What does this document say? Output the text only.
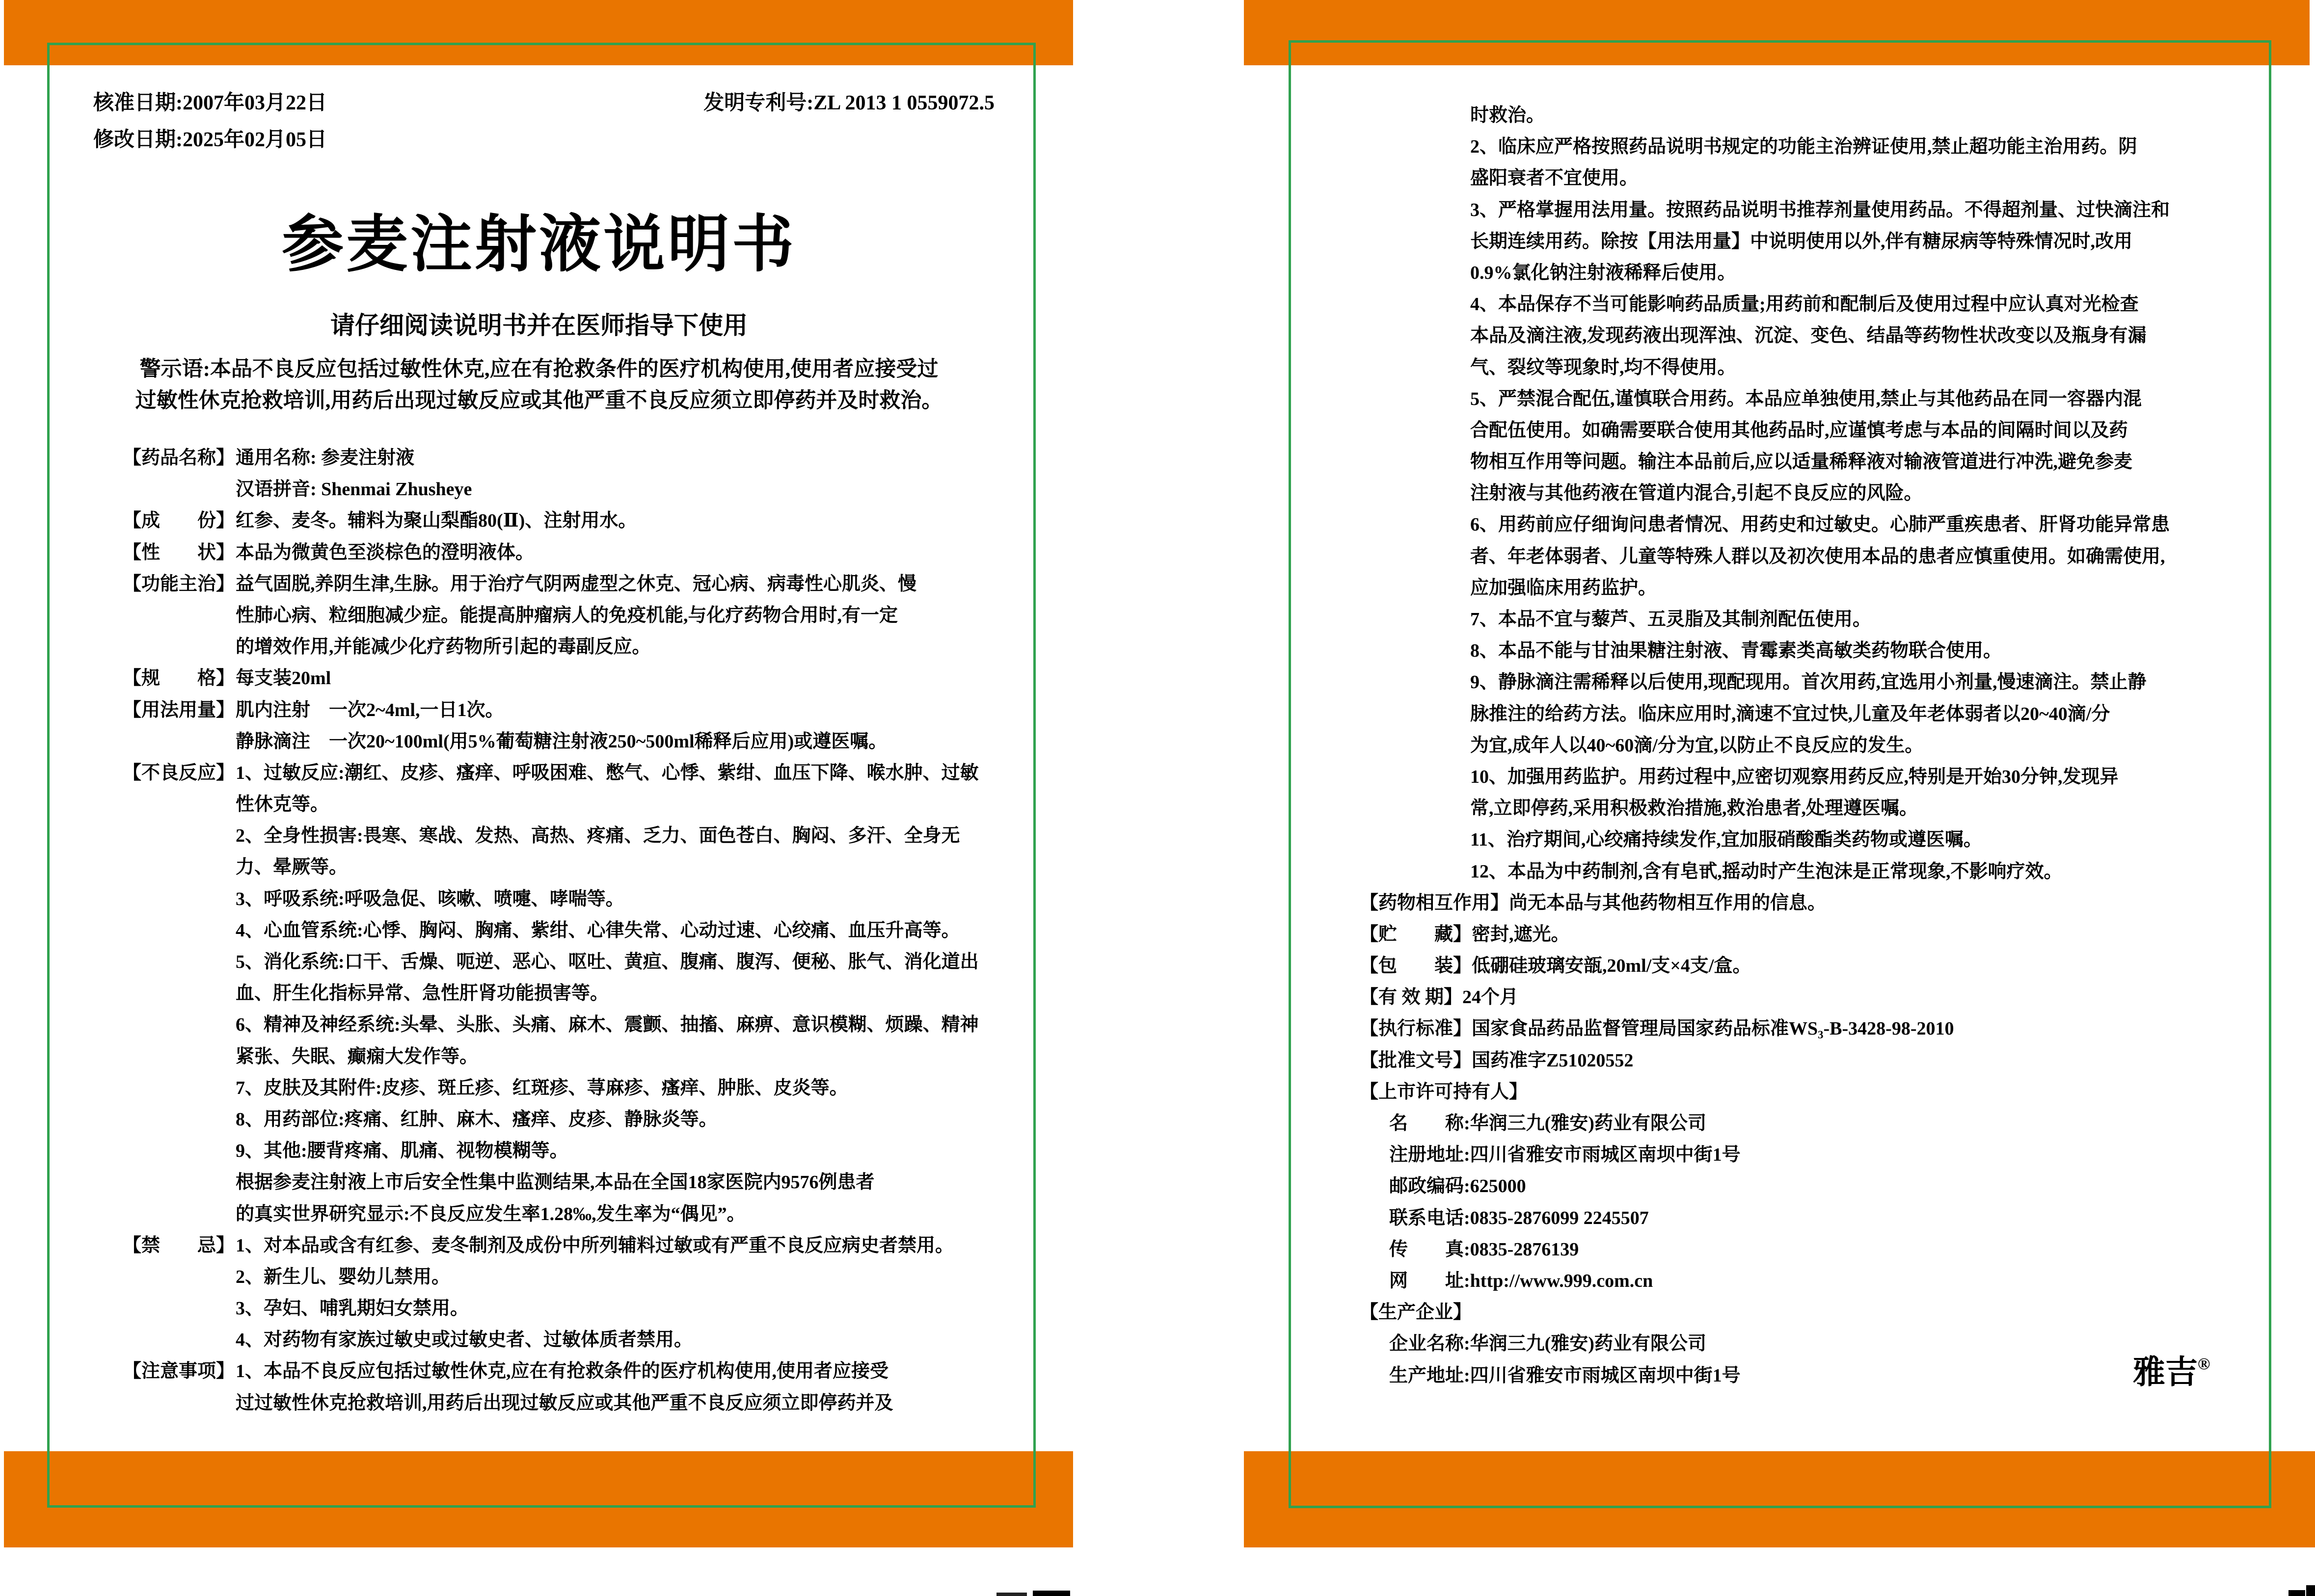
核准日期:2007年03月22日
修改日期:2025年02月05日
发明专利号:ZL 2013 1 0559072.5
参麦注射液说明书
请仔细阅读说明书并在医师指导下使用
警示语:本品不良反应包括过敏性休克,应在有抢救条件的医疗机构使用,使用者应接受过
过敏性休克抢救培训,用药后出现过敏反应或其他严重不良反应须立即停药并及时救治。
【药品名称】通用名称: 参麦注射液
汉语拼音: Shenmai Zhusheye
【成　　份】红参、麦冬。辅料为聚山梨酯80(Ⅱ)、注射用水。
【性　　状】本品为微黄色至淡棕色的澄明液体。
【功能主治】益气固脱,养阴生津,生脉。用于治疗气阴两虚型之休克、冠心病、病毒性心肌炎、慢
性肺心病、粒细胞减少症。能提高肿瘤病人的免疫机能,与化疗药物合用时,有一定
的增效作用,并能减少化疗药物所引起的毒副反应。
【规　　格】每支装20ml
【用法用量】肌内注射　一次2~4ml,一日1次。
静脉滴注　一次20~100ml(用5%葡萄糖注射液250~500ml稀释后应用)或遵医嘱。
【不良反应】1、过敏反应:潮红、皮疹、瘙痒、呼吸困难、憋气、心悸、紫绀、血压下降、喉水肿、过敏
性休克等。
2、全身性损害:畏寒、寒战、发热、高热、疼痛、乏力、面色苍白、胸闷、多汗、全身无
力、晕厥等。
3、呼吸系统:呼吸急促、咳嗽、喷嚏、哮喘等。
4、心血管系统:心悸、胸闷、胸痛、紫绀、心律失常、心动过速、心绞痛、血压升高等。
5、消化系统:口干、舌燥、呃逆、恶心、呕吐、黄疸、腹痛、腹泻、便秘、胀气、消化道出
血、肝生化指标异常、急性肝肾功能损害等。
6、精神及神经系统:头晕、头胀、头痛、麻木、震颤、抽搐、麻痹、意识模糊、烦躁、精神
紧张、失眠、癫痫大发作等。
7、皮肤及其附件:皮疹、斑丘疹、红斑疹、荨麻疹、瘙痒、肿胀、皮炎等。
8、用药部位:疼痛、红肿、麻木、瘙痒、皮疹、静脉炎等。
9、其他:腰背疼痛、肌痛、视物模糊等。
根据参麦注射液上市后安全性集中监测结果,本品在全国18家医院内9576例患者
的真实世界研究显示:不良反应发生率1.28‰,发生率为“偶见”。
【禁　　忌】1、对本品或含有红参、麦冬制剂及成份中所列辅料过敏或有严重不良反应病史者禁用。
2、新生儿、婴幼儿禁用。
3、孕妇、哺乳期妇女禁用。
4、对药物有家族过敏史或过敏史者、过敏体质者禁用。
【注意事项】1、本品不良反应包括过敏性休克,应在有抢救条件的医疗机构使用,使用者应接受
过过敏性休克抢救培训,用药后出现过敏反应或其他严重不良反应须立即停药并及
时救治。
2、临床应严格按照药品说明书规定的功能主治辨证使用,禁止超功能主治用药。阴
盛阳衰者不宜使用。
3、严格掌握用法用量。按照药品说明书推荐剂量使用药品。不得超剂量、过快滴注和
长期连续用药。除按【用法用量】中说明使用以外,伴有糖尿病等特殊情况时,改用
0.9%氯化钠注射液稀释后使用。
4、本品保存不当可能影响药品质量;用药前和配制后及使用过程中应认真对光检查
本品及滴注液,发现药液出现浑浊、沉淀、变色、结晶等药物性状改变以及瓶身有漏
气、裂纹等现象时,均不得使用。
5、严禁混合配伍,谨慎联合用药。本品应单独使用,禁止与其他药品在同一容器内混
合配伍使用。如确需要联合使用其他药品时,应谨慎考虑与本品的间隔时间以及药
物相互作用等问题。输注本品前后,应以适量稀释液对输液管道进行冲洗,避免参麦
注射液与其他药液在管道内混合,引起不良反应的风险。
6、用药前应仔细询问患者情况、用药史和过敏史。心肺严重疾患者、肝肾功能异常患
者、年老体弱者、儿童等特殊人群以及初次使用本品的患者应慎重使用。如确需使用,
应加强临床用药监护。
7、本品不宜与藜芦、五灵脂及其制剂配伍使用。
8、本品不能与甘油果糖注射液、青霉素类高敏类药物联合使用。
9、静脉滴注需稀释以后使用,现配现用。首次用药,宜选用小剂量,慢速滴注。禁止静
脉推注的给药方法。临床应用时,滴速不宜过快,儿童及年老体弱者以20~40滴/分
为宜,成年人以40~60滴/分为宜,以防止不良反应的发生。
10、加强用药监护。用药过程中,应密切观察用药反应,特别是开始30分钟,发现异
常,立即停药,采用积极救治措施,救治患者,处理遵医嘱。
11、治疗期间,心绞痛持续发作,宜加服硝酸酯类药物或遵医嘱。
12、本品为中药制剂,含有皂甙,摇动时产生泡沫是正常现象,不影响疗效。
【药物相互作用】尚无本品与其他药物相互作用的信息。
【贮　　藏】密封,遮光。
【包　　装】低硼硅玻璃安瓿,20ml/支×4支/盒。
【有 效 期】24个月
【执行标准】国家食品药品监督管理局国家药品标准WS₃-B-3428-98-2010
【批准文号】国药准字Z51020552
【上市许可持有人】
名　　称:华润三九(雅安)药业有限公司
注册地址:四川省雅安市雨城区南坝中街1号
邮政编码:625000
联系电话:0835-2876099 2245507
传　　真:0835-2876139
网　　址:http://www.999.com.cn
【生产企业】
企业名称:华润三九(雅安)药业有限公司
生产地址:四川省雅安市雨城区南坝中街1号	雅吉®
